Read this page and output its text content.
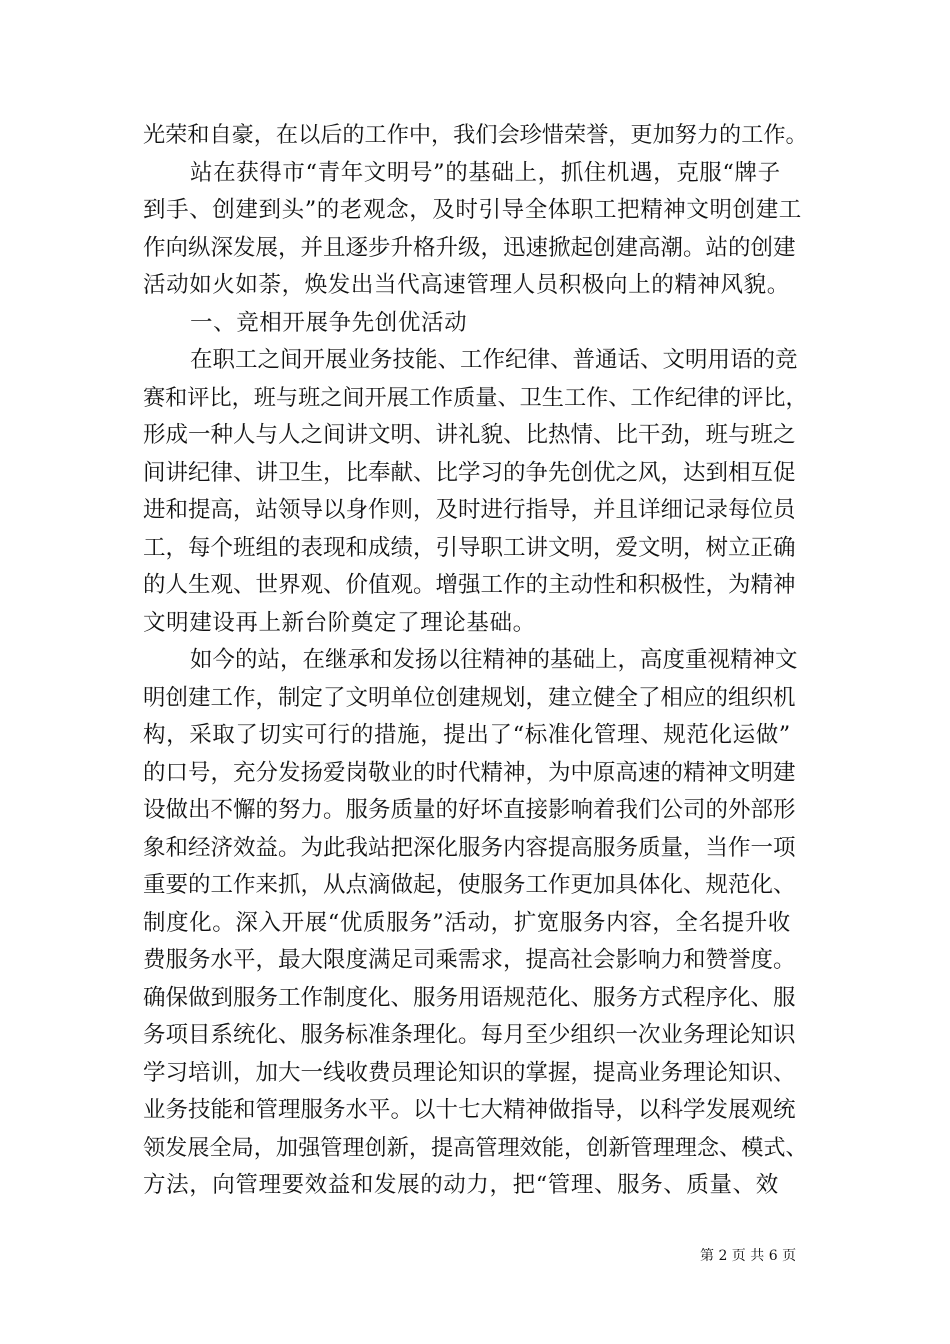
光荣和自豪，在以后的工作中，我们会珍惜荣誉，更加努力的工作。
站在获得市“青年文明号”的基础上，抓住机遇，克服“牌子
到手、创建到头”的老观念，及时引导全体职工把精神文明创建工
作向纵深发展，并且逐步升格升级，迅速掀起创建高潮。站的创建
活动如火如荼，焕发出当代高速管理人员积极向上的精神风貌。
一、竞相开展争先创优活动
在职工之间开展业务技能、工作纪律、普通话、文明用语的竞
赛和评比，班与班之间开展工作质量、卫生工作、工作纪律的评比，
形成一种人与人之间讲文明、讲礼貌、比热情、比干劲，班与班之
间讲纪律、讲卫生，比奉献、比学习的争先创优之风，达到相互促
进和提高，站领导以身作则，及时进行指导，并且详细记录每位员
工，每个班组的表现和成绩，引导职工讲文明，爱文明，树立正确
的人生观、世界观、价值观。增强工作的主动性和积极性，为精神
文明建设再上新台阶奠定了理论基础。
如今的站，在继承和发扬以往精神的基础上，高度重视精神文
明创建工作，制定了文明单位创建规划，建立健全了相应的组织机
构，采取了切实可行的措施，提出了“标准化管理、规范化运做”
的口号，充分发扬爱岗敬业的时代精神，为中原高速的精神文明建
设做出不懈的努力。服务质量的好坏直接影响着我们公司的外部形
象和经济效益。为此我站把深化服务内容提高服务质量，当作一项
重要的工作来抓，从点滴做起，使服务工作更加具体化、规范化、
制度化。深入开展“优质服务”活动，扩宽服务内容，全名提升收
费服务水平，最大限度满足司乘需求，提高社会影响力和赞誉度。
确保做到服务工作制度化、服务用语规范化、服务方式程序化、服
务项目系统化、服务标准条理化。每月至少组织一次业务理论知识
学习培训，加大一线收费员理论知识的掌握，提高业务理论知识、
业务技能和管理服务水平。以十七大精神做指导，以科学发展观统
领发展全局，加强管理创新，提高管理效能，创新管理理念、模式、
方法，向管理要效益和发展的动力，把“管理、服务、质量、效
第 2 页 共 6 页
